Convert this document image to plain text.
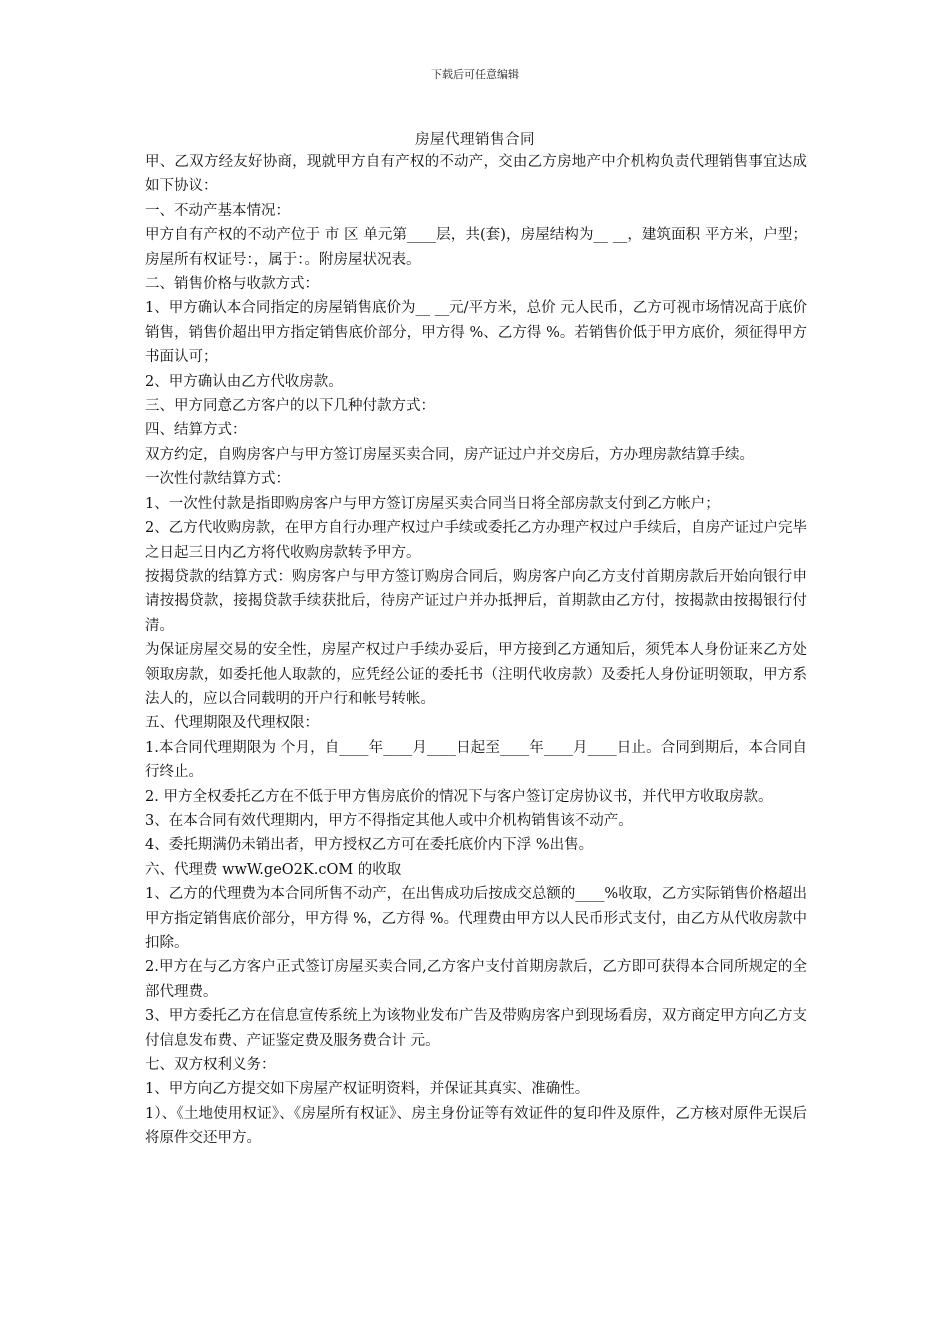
下载后可任意编辑
房屋代理销售合同

甲、乙双方经友好协商，现就甲方自有产权的不动产，交由乙方房地产中介机构负责代理销售事宜达成如下协议：

一、不动产基本情况：

甲方自有产权的不动产位于 市 区 单元第____层，共(套)，房屋结构为__ __，建筑面积 平方米，户型；房屋所有权证号：，属于：。附房屋状况表。

二、销售价格与收款方式：

1、甲方确认本合同指定的房屋销售底价为__ __元/平方米，总价 元人民币，乙方可视市场情况高于底价销售，销售价超出甲方指定销售底价部分，甲方得 %、乙方得 %。若销售价低于甲方底价，须征得甲方书面认可；

2、甲方确认由乙方代收房款。

三、甲方同意乙方客户的以下几种付款方式：

四、结算方式：

双方约定，自购房客户与甲方签订房屋买卖合同，房产证过户并交房后，方办理房款结算手续。

一次性付款结算方式：

1、一次性付款是指即购房客户与甲方签订房屋买卖合同当日将全部房款支付到乙方帐户；

2、乙方代收购房款，在甲方自行办理产权过户手续或委托乙方办理产权过户手续后，自房产证过户完毕之日起三日内乙方将代收购房款转予甲方。

按揭贷款的结算方式：购房客户与甲方签订购房合同后，购房客户向乙方支付首期房款后开始向银行申请按揭贷款，接揭贷款手续获批后，待房产证过户并办抵押后，首期款由乙方付，按揭款由按揭银行付清。

为保证房屋交易的安全性，房屋产权过户手续办妥后，甲方接到乙方通知后，须凭本人身份证来乙方处领取房款，如委托他人取款的，应凭经公证的委托书（注明代收房款）及委托人身份证明领取，甲方系法人的，应以合同载明的开户行和帐号转帐。

五、代理期限及代理权限：

1.本合同代理期限为 个月，自____年____月____日起至____年____月____日止。合同到期后，本合同自行终止。

2. 甲方全权委托乙方在不低于甲方售房底价的情况下与客户签订定房协议书，并代甲方收取房款。

3、在本合同有效代理期内，甲方不得指定其他人或中介机构销售该不动产。

4、委托期满仍未销出者，甲方授权乙方可在委托底价内下浮 %出售。

六、代理费 wwW.geO2K.cOM 的收取

1、乙方的代理费为本合同所售不动产，在出售成功后按成交总额的____%收取，乙方实际销售价格超出甲方指定销售底价部分，甲方得 %，乙方得 %。代理费由甲方以人民币形式支付，由乙方从代收房款中扣除。

2.甲方在与乙方客户正式签订房屋买卖合同,乙方客户支付首期房款后，乙方即可获得本合同所规定的全部代理费。

3、甲方委托乙方在信息宣传系统上为该物业发布广告及带购房客户到现场看房，双方商定甲方向乙方支付信息发布费、产证鉴定费及服务费合计 元。

七、双方权利义务：

1、甲方向乙方提交如下房屋产权证明资料，并保证其真实、准确性。

1）、《土地使用权证》、《房屋所有权证》、房主身份证等有效证件的复印件及原件，乙方核对原件无误后将原件交还甲方。
